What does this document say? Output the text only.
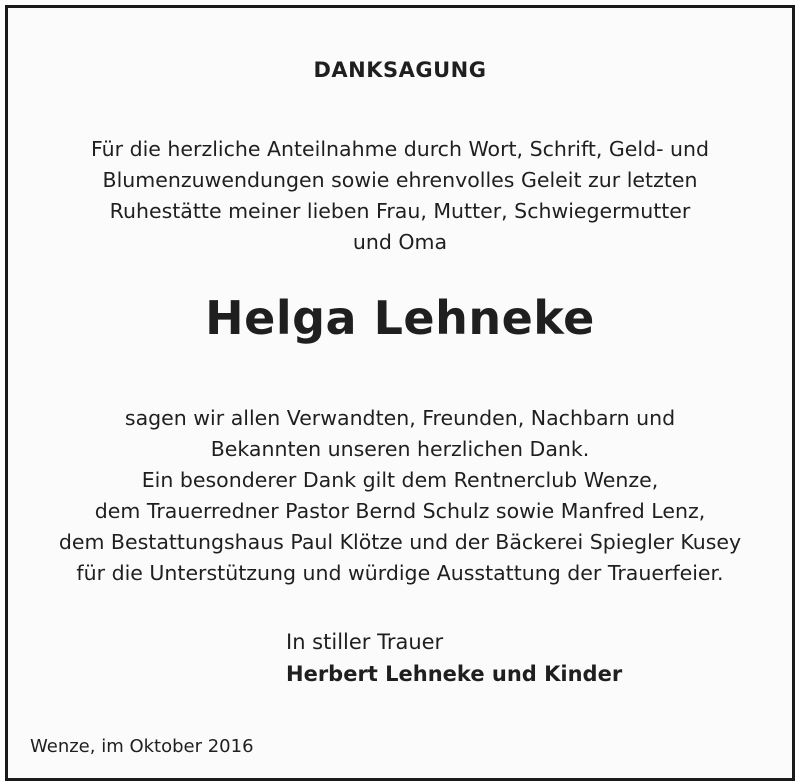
DANKSAGUNG
Für die herzliche Anteilnahme durch Wort, Schrift, Geld- und
Blumenzuwendungen sowie ehrenvolles Geleit zur letzten
Ruhestätte meiner lieben Frau, Mutter, Schwiegermutter
und Oma
Helga Lehneke
sagen wir allen Verwandten, Freunden, Nachbarn und
Bekannten unseren herzlichen Dank.
Ein besonderer Dank gilt dem Rentnerclub Wenze,
dem Trauerredner Pastor Bernd Schulz sowie Manfred Lenz,
dem Bestattungshaus Paul Klötze und der Bäckerei Spiegler Kusey
für die Unterstützung und würdige Ausstattung der Trauerfeier.
In stiller Trauer
Herbert Lehneke und Kinder
Wenze, im Oktober 2016
